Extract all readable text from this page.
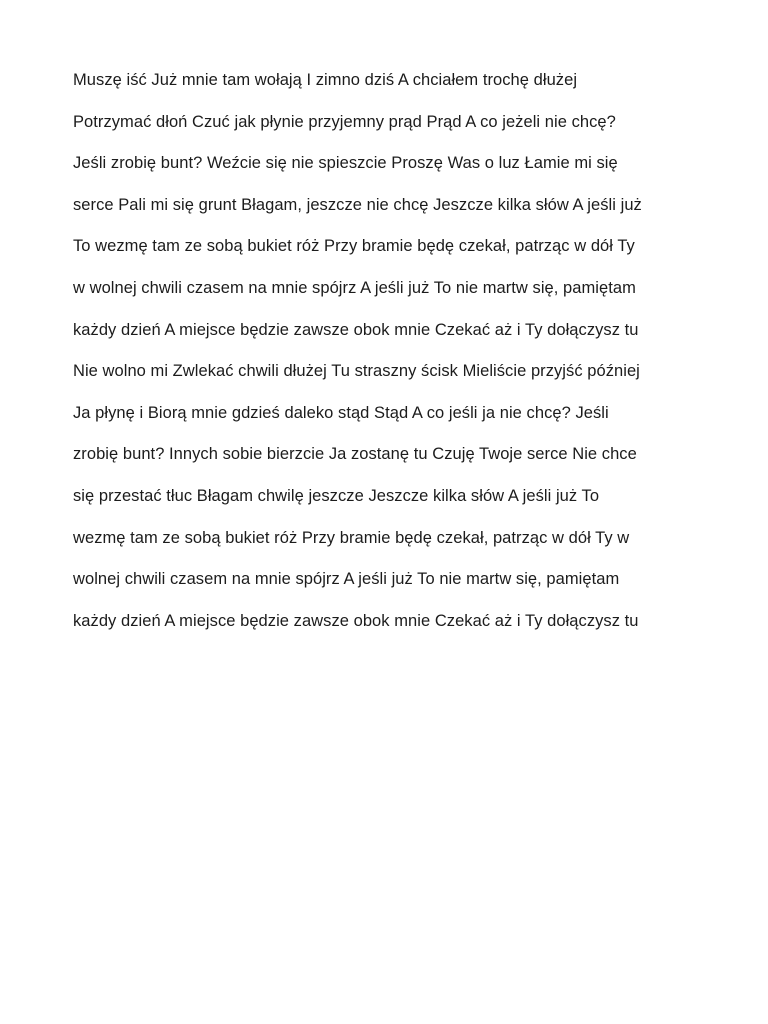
Muszę iść Już mnie tam wołają I zimno dziś A chciałem trochę dłużej
Potrzymać dłoń Czuć jak płynie przyjemny prąd Prąd A co jeżeli nie chcę?
Jeśli zrobię bunt? Weźcie się nie spieszcie Proszę Was o luz Łamie mi się
serce Pali mi się grunt Błagam, jeszcze nie chcę Jeszcze kilka słów A jeśli już
To wezmę tam ze sobą bukiet róż Przy bramie będę czekał, patrząc w dół Ty
w wolnej chwili czasem na mnie spójrz A jeśli już To nie martw się, pamiętam
każdy dzień A miejsce będzie zawsze obok mnie Czekać aż i Ty dołączysz tu
Nie wolno mi Zwlekać chwili dłużej Tu straszny ścisk Mieliście przyjść później
Ja płynę i Biorą mnie gdzieś daleko stąd Stąd A co jeśli ja nie chcę? Jeśli
zrobię bunt? Innych sobie bierzcie Ja zostanę tu Czuję Twoje serce Nie chce
się przestać tłuc Błagam chwilę jeszcze Jeszcze kilka słów A jeśli już To
wezmę tam ze sobą bukiet róż Przy bramie będę czekał, patrząc w dół Ty w
wolnej chwili czasem na mnie spójrz A jeśli już To nie martw się, pamiętam
każdy dzień A miejsce będzie zawsze obok mnie Czekać aż i Ty dołączysz tu
